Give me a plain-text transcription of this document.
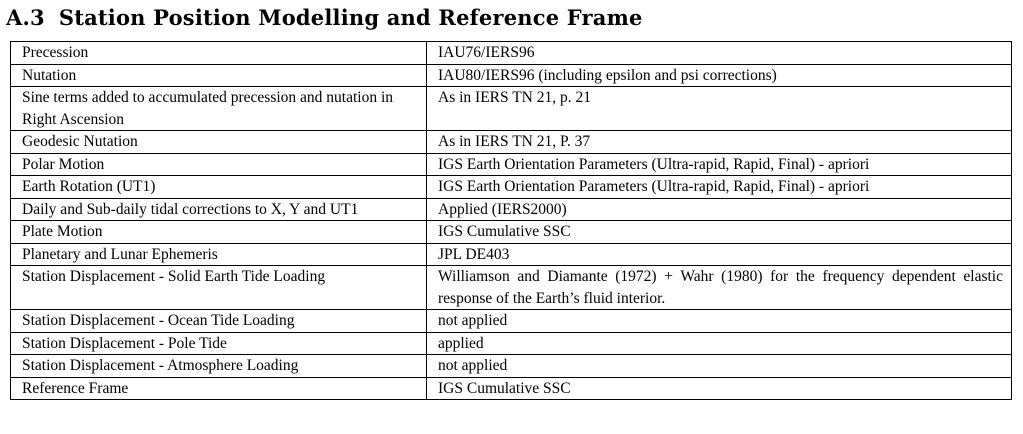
A.3 Station Position Modelling and Reference Frame
Precession	IAU76/IERS96
Nutation	IAU80/IERS96 (including epsilon and psi corrections)
Sine terms added to accumulated precession and nutation in Right Ascension	As in IERS TN 21, p. 21
Geodesic Nutation	As in IERS TN 21, P. 37
Polar Motion	IGS Earth Orientation Parameters (Ultra-rapid, Rapid, Final) - apriori
Earth Rotation (UT1)	IGS Earth Orientation Parameters (Ultra-rapid, Rapid, Final) - apriori
Daily and Sub-daily tidal corrections to X, Y and UT1	Applied (IERS2000)
Plate Motion	IGS Cumulative SSC
Planetary and Lunar Ephemeris	JPL DE403
Station Displacement - Solid Earth Tide Loading	Williamson and Diamante (1972) + Wahr (1980) for the frequency dependent elastic response of the Earth’s fluid interior.
Station Displacement - Ocean Tide Loading	not applied
Station Displacement - Pole Tide	applied
Station Displacement - Atmosphere Loading	not applied
Reference Frame	IGS Cumulative SSC
